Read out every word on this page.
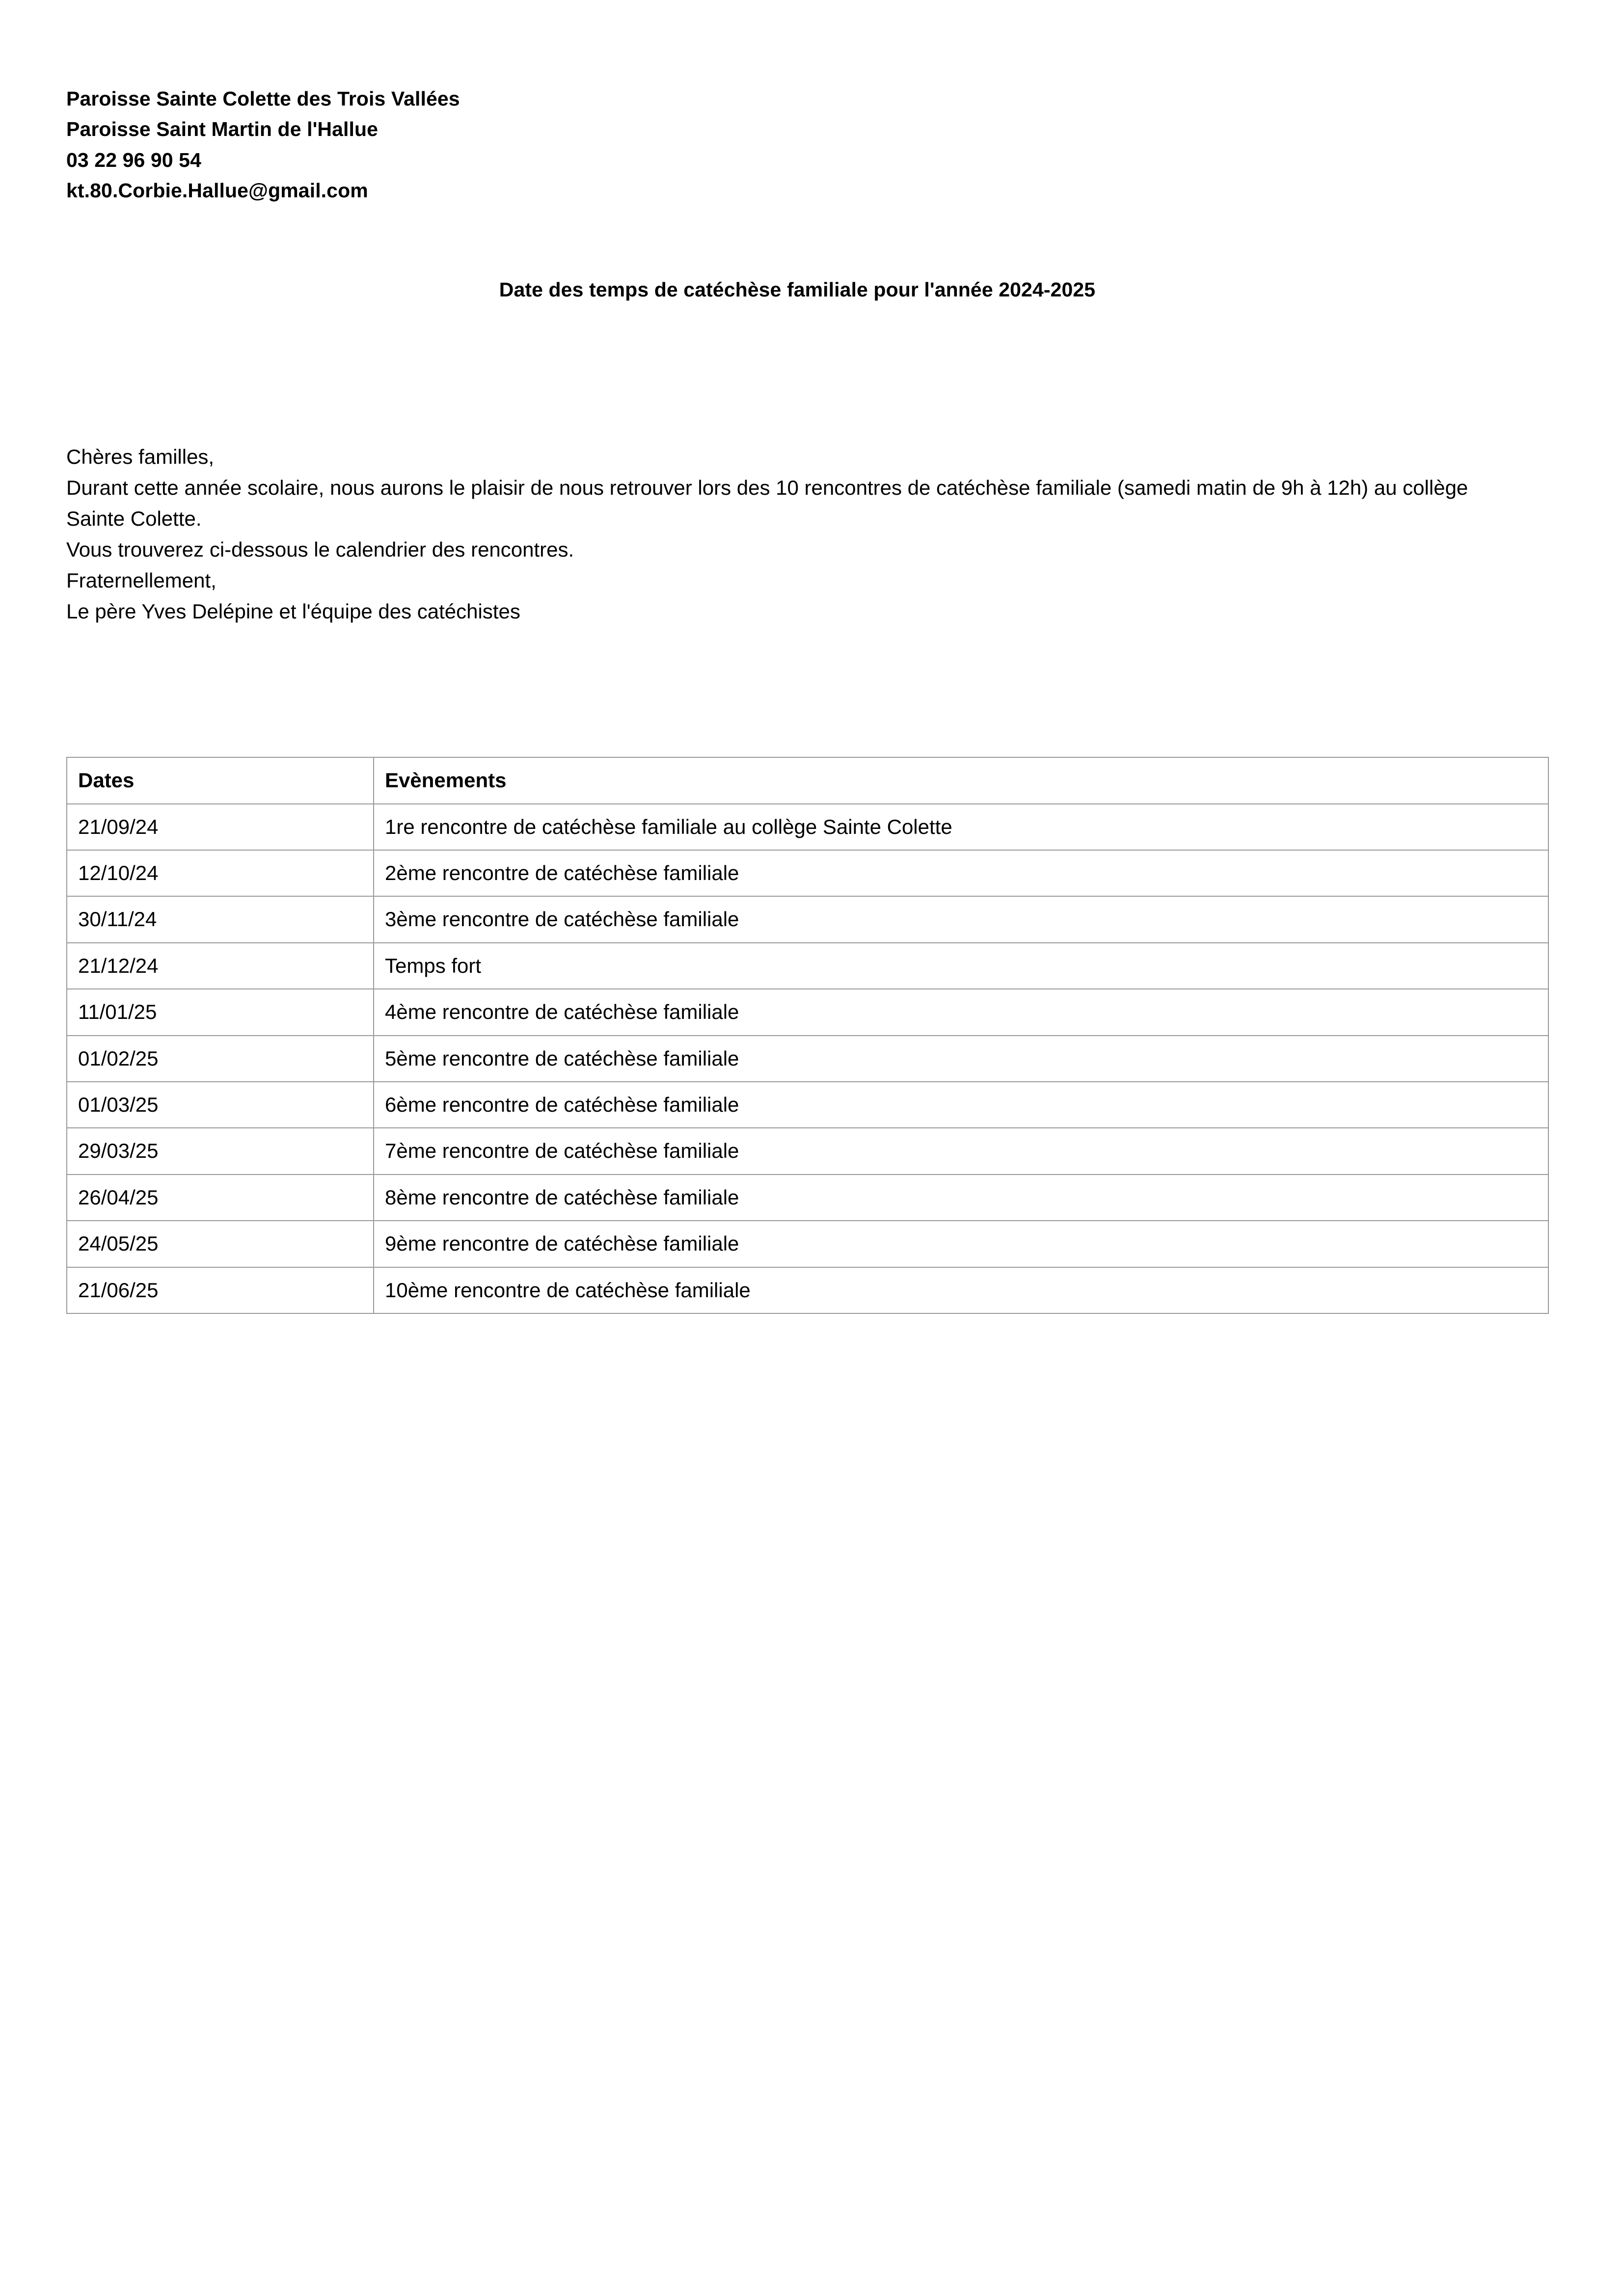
Paroisse Sainte Colette des Trois Vallées
Paroisse Saint Martin de l'Hallue
03 22 96 90 54
kt.80.Corbie.Hallue@gmail.com
Date des temps de catéchèse familiale pour l'année 2024-2025

Chères familles,

Durant cette année scolaire, nous aurons le plaisir de nous retrouver lors des 10 rencontres de catéchèse familiale (samedi matin de 9h à 12h) au collège Sainte Colette.

Vous trouverez ci-dessous le calendrier des rencontres.

Fraternellement,

Le père Yves Delépine et l'équipe des catéchistes

Dates	Evènements
21/09/24	1re rencontre de catéchèse familiale au collège Sainte Colette
12/10/24	2ème rencontre de catéchèse familiale
30/11/24	3ème rencontre de catéchèse familiale
21/12/24	Temps fort
11/01/25	4ème rencontre de catéchèse familiale
01/02/25	5ème rencontre de catéchèse familiale
01/03/25	6ème rencontre de catéchèse familiale
29/03/25	7ème rencontre de catéchèse familiale
26/04/25	8ème rencontre de catéchèse familiale
24/05/25	9ème rencontre de catéchèse familiale
21/06/25	10ème rencontre de catéchèse familiale
